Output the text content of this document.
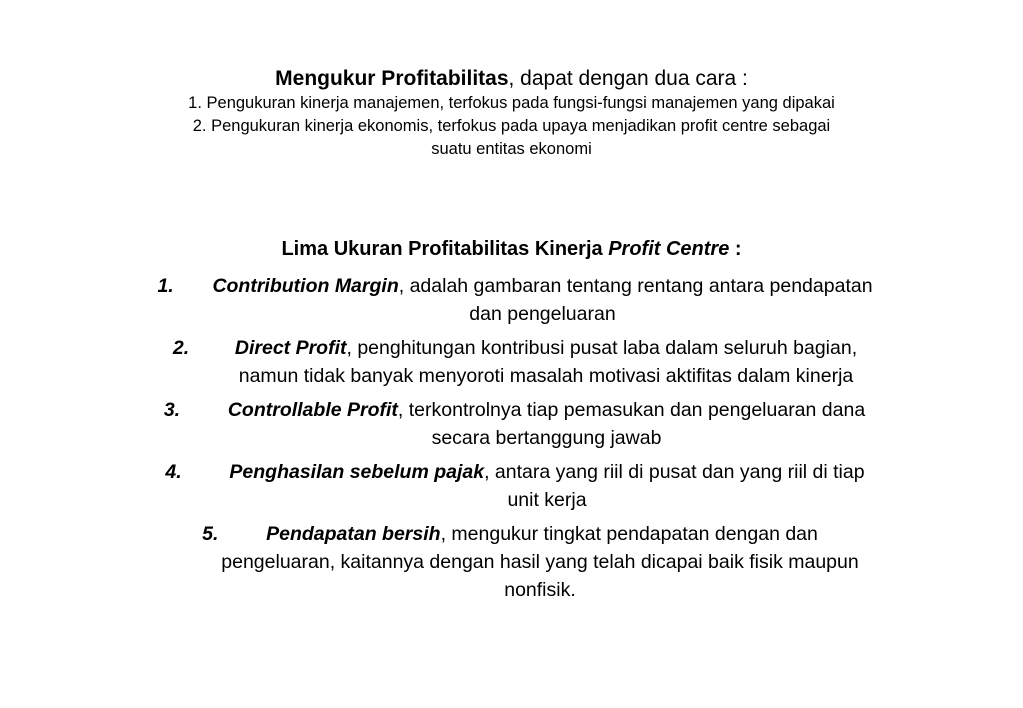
Mengukur Profitabilitas, dapat dengan dua cara :
1. Pengukuran kinerja manajemen, terfokus pada fungsi-fungsi manajemen yang dipakai
2. Pengukuran kinerja ekonomis, terfokus pada upaya menjadikan profit centre sebagai
suatu entitas ekonomi
Lima Ukuran Profitabilitas Kinerja Profit Centre :
1. Contribution Margin, adalah gambaran tentang rentang antara pendapatan
dan pengeluaran
2. Direct Profit, penghitungan kontribusi pusat laba dalam seluruh bagian,
namun tidak banyak menyoroti masalah motivasi aktifitas dalam kinerja
3. Controllable Profit, terkontrolnya tiap pemasukan dan pengeluaran dana
secara bertanggung jawab
4. Penghasilan sebelum pajak, antara yang riil di pusat dan yang riil di tiap
unit kerja
5. Pendapatan bersih, mengukur tingkat pendapatan dengan dan
pengeluaran, kaitannya dengan hasil yang telah dicapai baik fisik maupun
nonfisik.
